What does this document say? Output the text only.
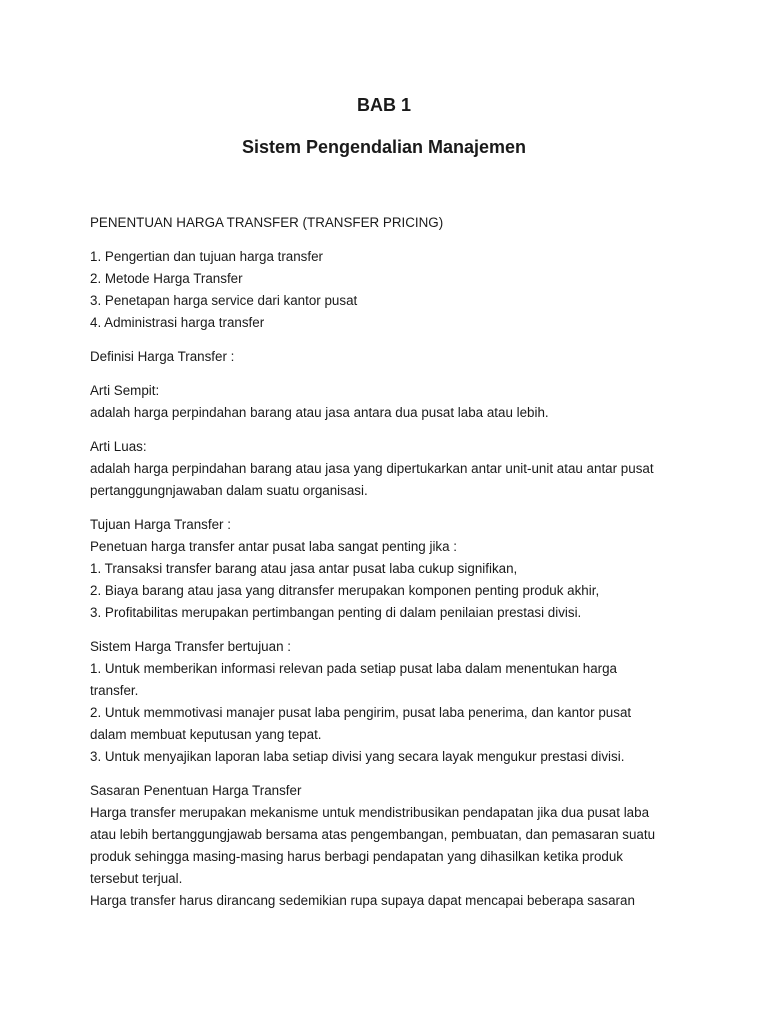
BAB 1
Sistem Pengendalian Manajemen

PENENTUAN HARGA TRANSFER (TRANSFER PRICING)

1. Pengertian dan tujuan harga transfer
2. Metode Harga Transfer
3. Penetapan harga service dari kantor pusat
4. Administrasi harga transfer

Definisi Harga Transfer :

Arti Sempit:
adalah harga perpindahan barang atau jasa antara dua pusat laba atau lebih.

Arti Luas:
adalah harga perpindahan barang atau jasa yang dipertukarkan antar unit-unit atau antar pusat
pertanggungnjawaban dalam suatu organisasi.

Tujuan Harga Transfer :
Penetuan harga transfer antar pusat laba sangat penting jika :
1. Transaksi transfer barang atau jasa antar pusat laba cukup signifikan,
2. Biaya barang atau jasa yang ditransfer merupakan komponen penting produk akhir,
3. Profitabilitas merupakan pertimbangan penting di dalam penilaian prestasi divisi.

Sistem Harga Transfer bertujuan :
1. Untuk memberikan informasi relevan pada setiap pusat laba dalam menentukan harga
transfer.
2. Untuk memmotivasi manajer pusat laba pengirim, pusat laba penerima, dan kantor pusat
dalam membuat keputusan yang tepat.
3. Untuk menyajikan laporan laba setiap divisi yang secara layak mengukur prestasi divisi.

Sasaran Penentuan Harga Transfer
Harga transfer merupakan mekanisme untuk mendistribusikan pendapatan jika dua pusat laba
atau lebih bertanggungjawab bersama atas pengembangan, pembuatan, dan pemasaran suatu
produk sehingga masing-masing harus berbagi pendapatan yang dihasilkan ketika produk
tersebut terjual.
Harga transfer harus dirancang sedemikian rupa supaya dapat mencapai beberapa sasaran
